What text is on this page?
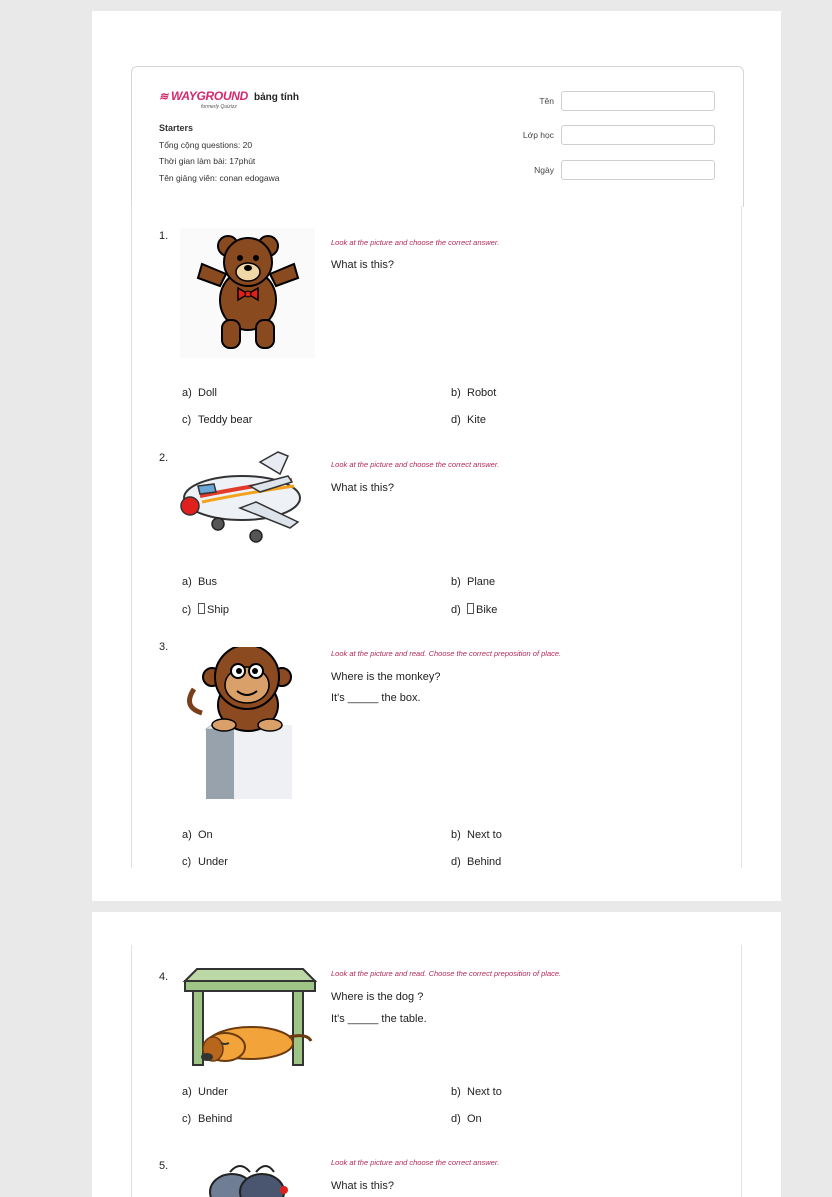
≋ WAYGROUND
formerly Quizizz
bảng tính
Starters
Tổng cộng questions: 20
Thời gian làm bài: 17phút
Tên giảng viên: conan edogawa
Tên
Lớp học
Ngày
1.
Look at the picture and choose the correct answer.
What is this?
a) Doll	b) Robot
c) Teddy bear	d) Kite
2.
Look at the picture and choose the correct answer.
What is this?
a) Bus	b) Plane
c) Ship	d) Bike
3.
Look at the picture and read. Choose the correct preposition of place.
Where is the monkey?
It's _____ the box.
a) On	b) Next to
c) Under	d) Behind
4.	Look at the picture and read. Choose the correct preposition of place.
Where is the dog ?
It's _____ the table.
a) Under	b) Next to
c) Behind	d) On
5.	Look at the picture and choose the correct answer.
What is this?
